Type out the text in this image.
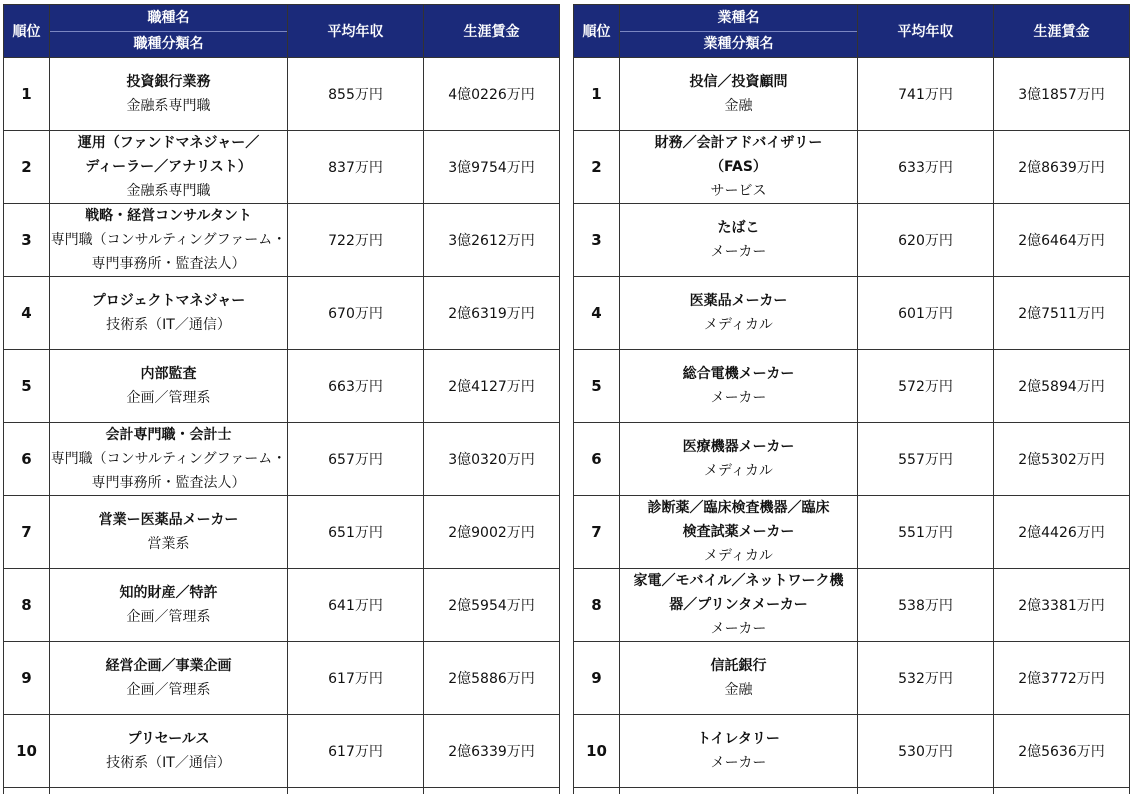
順位	職種名
職種分類名	平均年収	生涯賃金
1	投資銀行業務
金融系専門職	855万円	4億0226万円
2	運用（ファンドマネジャー／
ディーラー／アナリスト）
金融系専門職	837万円	3億9754万円
3	戦略・経営コンサルタント
専門職（コンサルティングファーム・
専門事務所・監査法人）	722万円	3億2612万円
4	プロジェクトマネジャー
技術系（IT／通信）	670万円	2億6319万円
5	内部監査
企画／管理系	663万円	2億4127万円
6	会計専門職・会計士
専門職（コンサルティングファーム・
専門事務所・監査法人）	657万円	3億0320万円
7	営業ー医薬品メーカー
営業系	651万円	2億9002万円
8	知的財産／特許
企画／管理系	641万円	2億5954万円
9	経営企画／事業企画
企画／管理系	617万円	2億5886万円
10	プリセールス
技術系（IT／通信）	617万円	2億6339万円

順位	業種名
業種分類名	平均年収	生涯賃金
1	投信／投資顧問
金融	741万円	3億1857万円
2	財務／会計アドバイザリー
（FAS）
サービス	633万円	2億8639万円
3	たばこ
メーカー	620万円	2億6464万円
4	医薬品メーカー
メディカル	601万円	2億7511万円
5	総合電機メーカー
メーカー	572万円	2億5894万円
6	医療機器メーカー
メディカル	557万円	2億5302万円
7	診断薬／臨床検査機器／臨床
検査試薬メーカー
メディカル	551万円	2億4426万円
8	家電／モバイル／ネットワーク機
器／プリンタメーカー
メーカー	538万円	2億3381万円
9	信託銀行
金融	532万円	2億3772万円
10	トイレタリー
メーカー	530万円	2億5636万円
